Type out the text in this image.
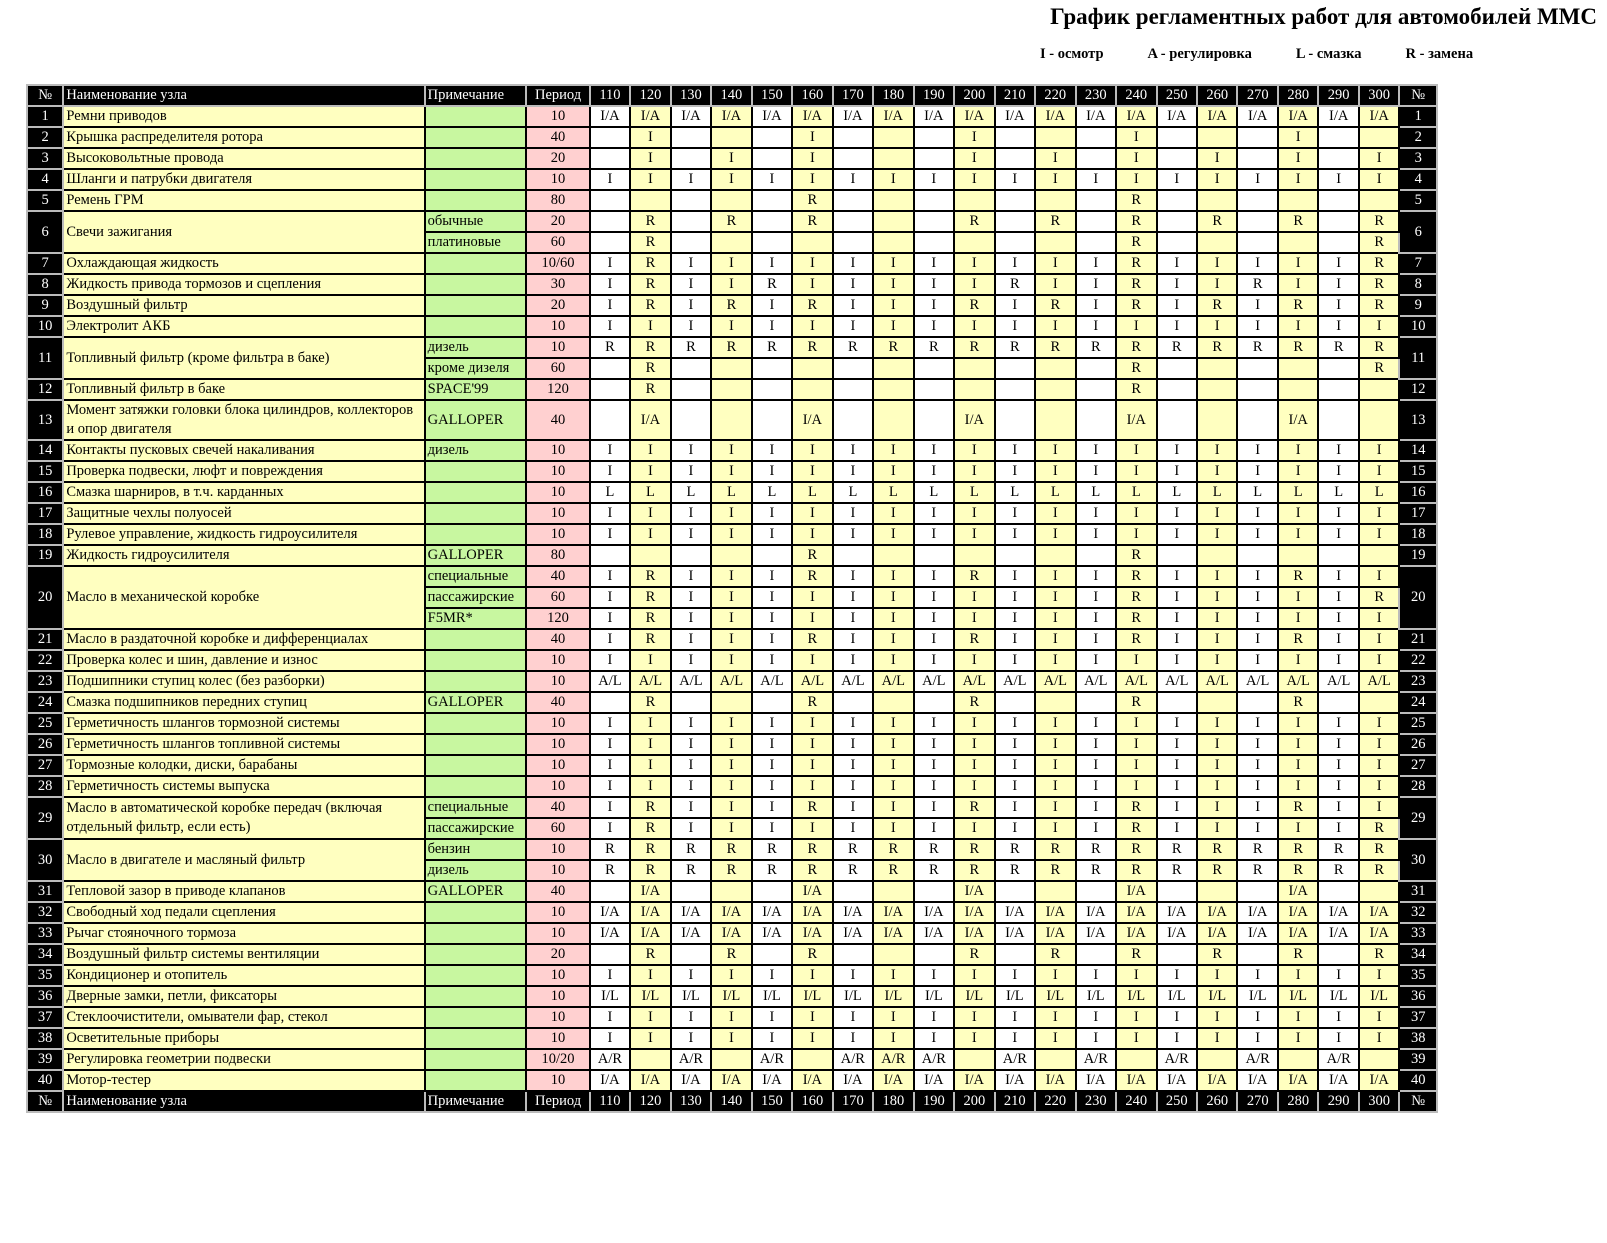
График регламентных работ для автомобилей ММС
I - осмотр	A - регулировка	L - смазка	R - замена
№	Наименование узла	Примечание	Период	110	120	130	140	150	160	170	180	190	200	210	220	230	240	250	260	270	280	290	300	№
1	Ремни приводов		10	I/A	I/A	I/A	I/A	I/A	I/A	I/A	I/A	I/A	I/A	I/A	I/A	I/A	I/A	I/A	I/A	I/A	I/A	I/A	I/A	1
2	Крышка распределителя ротора		40		I				I				I				I				I			2
3	Высоковольтные провода		20		I		I		I				I		I		I		I		I		I	3
4	Шланги и патрубки двигателя		10	I	I	I	I	I	I	I	I	I	I	I	I	I	I	I	I	I	I	I	I	4
5	Ремень ГРМ		80						R								R							5
6	Свечи зажигания	обычные	20		R		R		R				R		R		R		R		R		R	6
		платиновые	60		R												R						R	
7	Охлаждающая жидкость		10/60	I	R	I	I	I	I	I	I	I	I	I	I	I	R	I	I	I	I	I	R	7
8	Жидкость привода тормозов и сцепления		30	I	R	I	I	R	I	I	I	I	I	R	I	I	R	I	I	R	I	I	R	8
9	Воздушный фильтр		20	I	R	I	R	I	R	I	I	I	R	I	R	I	R	I	R	I	R	I	R	9
10	Электролит АКБ		10	I	I	I	I	I	I	I	I	I	I	I	I	I	I	I	I	I	I	I	I	10
11	Топливный фильтр (кроме фильтра в баке)	дизель	10	R	R	R	R	R	R	R	R	R	R	R	R	R	R	R	R	R	R	R	R	11
		кроме дизеля	60		R												R						R	
12	Топливный фильтр в баке	SPACE'99	120		R												R							12
13	Момент затяжки головки блока цилиндров, коллекторов и опор двигателя	GALLOPER	40		I/A				I/A				I/A				I/A				I/A			13
14	Контакты пусковых свечей накаливания	дизель	10	I	I	I	I	I	I	I	I	I	I	I	I	I	I	I	I	I	I	I	I	14
15	Проверка подвески, люфт и повреждения		10	I	I	I	I	I	I	I	I	I	I	I	I	I	I	I	I	I	I	I	I	15
16	Смазка шарниров, в т.ч. карданных		10	L	L	L	L	L	L	L	L	L	L	L	L	L	L	L	L	L	L	L	L	16
17	Защитные чехлы полуосей		10	I	I	I	I	I	I	I	I	I	I	I	I	I	I	I	I	I	I	I	I	17
18	Рулевое управление, жидкость гидроусилителя		10	I	I	I	I	I	I	I	I	I	I	I	I	I	I	I	I	I	I	I	I	18
19	Жидкость гидроусилителя	GALLOPER	80						R								R							19
20	Масло в механической коробке	специальные	40	I	R	I	I	I	R	I	I	I	R	I	I	I	R	I	I	I	R	I	I	20
		пассажирские	60	I	R	I	I	I	I	I	I	I	I	I	I	I	R	I	I	I	I	I	R	
		F5MR*	120	I	R	I	I	I	I	I	I	I	I	I	I	I	R	I	I	I	I	I	I	
21	Масло в раздаточной коробке и дифференциалах		40	I	R	I	I	I	R	I	I	I	R	I	I	I	R	I	I	I	R	I	I	21
22	Проверка колес и шин, давление и износ		10	I	I	I	I	I	I	I	I	I	I	I	I	I	I	I	I	I	I	I	I	22
23	Подшипники ступиц колес (без разборки)		10	A/L	A/L	A/L	A/L	A/L	A/L	A/L	A/L	A/L	A/L	A/L	A/L	A/L	A/L	A/L	A/L	A/L	A/L	A/L	A/L	23
24	Смазка подшипников передних ступиц	GALLOPER	40		R				R				R				R				R			24
25	Герметичность шлангов тормозной системы		10	I	I	I	I	I	I	I	I	I	I	I	I	I	I	I	I	I	I	I	I	25
26	Герметичность шлангов топливной системы		10	I	I	I	I	I	I	I	I	I	I	I	I	I	I	I	I	I	I	I	I	26
27	Тормозные колодки, диски, барабаны		10	I	I	I	I	I	I	I	I	I	I	I	I	I	I	I	I	I	I	I	I	27
28	Герметичность системы выпуска		10	I	I	I	I	I	I	I	I	I	I	I	I	I	I	I	I	I	I	I	I	28
29	Масло в автоматической коробке передач (включая отдельный фильтр, если есть)	специальные	40	I	R	I	I	I	R	I	I	I	R	I	I	I	R	I	I	I	R	I	I	29
		пассажирские	60	I	R	I	I	I	I	I	I	I	I	I	I	I	R	I	I	I	I	I	R	
30	Масло в двигателе и масляный фильтр	бензин	10	R	R	R	R	R	R	R	R	R	R	R	R	R	R	R	R	R	R	R	R	30
		дизель	10	R	R	R	R	R	R	R	R	R	R	R	R	R	R	R	R	R	R	R	R	
31	Тепловой зазор в приводе клапанов	GALLOPER	40		I/A				I/A				I/A				I/A				I/A			31
32	Свободный ход педали сцепления		10	I/A	I/A	I/A	I/A	I/A	I/A	I/A	I/A	I/A	I/A	I/A	I/A	I/A	I/A	I/A	I/A	I/A	I/A	I/A	I/A	32
33	Рычаг стояночного тормоза		10	I/A	I/A	I/A	I/A	I/A	I/A	I/A	I/A	I/A	I/A	I/A	I/A	I/A	I/A	I/A	I/A	I/A	I/A	I/A	I/A	33
34	Воздушный фильтр системы вентиляции		20		R		R		R				R		R		R		R		R		R	34
35	Кондиционер и отопитель		10	I	I	I	I	I	I	I	I	I	I	I	I	I	I	I	I	I	I	I	I	35
36	Дверные замки, петли, фиксаторы		10	I/L	I/L	I/L	I/L	I/L	I/L	I/L	I/L	I/L	I/L	I/L	I/L	I/L	I/L	I/L	I/L	I/L	I/L	I/L	I/L	36
37	Стеклоочистители, омыватели фар, стекол		10	I	I	I	I	I	I	I	I	I	I	I	I	I	I	I	I	I	I	I	I	37
38	Осветительные приборы		10	I	I	I	I	I	I	I	I	I	I	I	I	I	I	I	I	I	I	I	I	38
39	Регулировка геометрии подвески		10/20	A/R		A/R		A/R		A/R	A/R	A/R		A/R		A/R		A/R		A/R		A/R		39
40	Мотор-тестер		10	I/A	I/A	I/A	I/A	I/A	I/A	I/A	I/A	I/A	I/A	I/A	I/A	I/A	I/A	I/A	I/A	I/A	I/A	I/A	I/A	40
№	Наименование узла	Примечание	Период	110	120	130	140	150	160	170	180	190	200	210	220	230	240	250	260	270	280	290	300	№
